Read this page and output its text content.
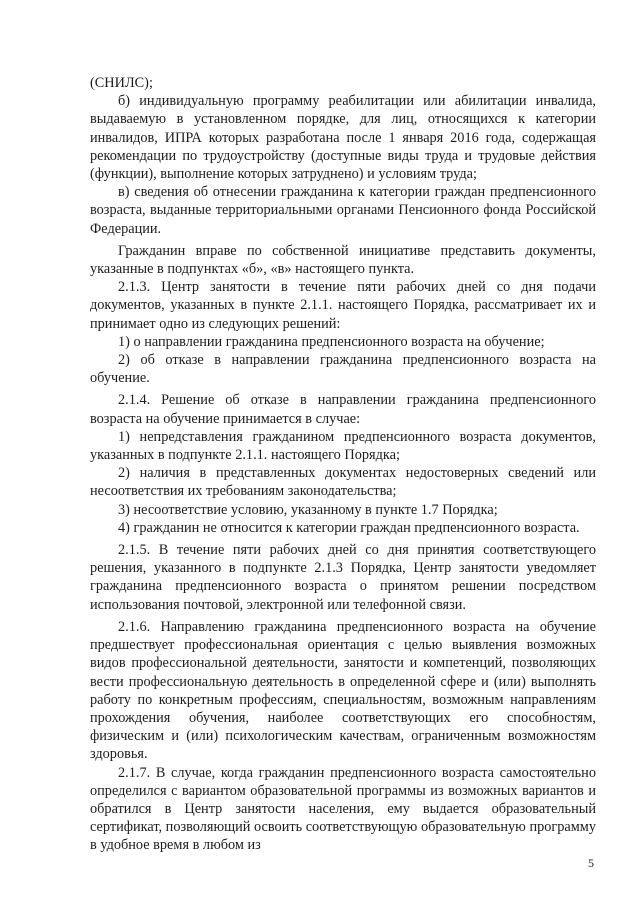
(СНИЛС);

б) индивидуальную программу реабилитации или абилитации инвалида, выдаваемую в установленном порядке, для лиц, относящихся к категории инвалидов, ИПРА которых разработана после 1 января 2016 года, содержащая рекомендации по трудоустройству (доступные виды труда и трудовые действия (функции), выполнение которых затруднено) и условиям труда;

в) сведения об отнесении гражданина к категории граждан предпенсионного возраста, выданные территориальными органами Пенсионного фонда Российской Федерации.

Гражданин вправе по собственной инициативе представить документы, указанные в подпунктах «б», «в» настоящего пункта.

2.1.3. Центр занятости в течение пяти рабочих дней со дня подачи документов, указанных в пункте 2.1.1. настоящего Порядка, рассматривает их и принимает одно из следующих решений:

1) о направлении гражданина предпенсионного возраста на обучение;

2) об отказе в направлении гражданина предпенсионного возраста на обучение.

2.1.4. Решение об отказе в направлении гражданина предпенсионного возраста на обучение принимается в случае:

1) непредставления гражданином предпенсионного возраста документов, указанных в подпункте 2.1.1. настоящего Порядка;

2) наличия в представленных документах недостоверных сведений или несоответствия их требованиям законодательства;

3) несоответствие условию, указанному в пункте 1.7 Порядка;

4) гражданин не относится к категории граждан предпенсионного возраста.

2.1.5. В течение пяти рабочих дней со дня принятия соответствующего решения, указанного в подпункте 2.1.3 Порядка, Центр занятости уведомляет гражданина предпенсионного возраста о принятом решении посредством использования почтовой, электронной или телефонной связи.

2.1.6. Направлению гражданина предпенсионного возраста на обучение предшествует профессиональная ориентация с целью выявления возможных видов профессиональной деятельности, занятости и компетенций, позволяющих вести профессиональную деятельность в определенной сфере и (или) выполнять работу по конкретным профессиям, специальностям, возможным направлениям прохождения обучения, наиболее соответствующих его способностям, физическим и (или) психологическим качествам, ограниченным возможностям здоровья.

2.1.7. В случае, когда гражданин предпенсионного возраста самостоятельно определился с вариантом образовательной программы из возможных вариантов и обратился в Центр занятости населения, ему выдается образовательный сертификат, позволяющий освоить соответствующую образовательную программу в удобное время в любом из

5
